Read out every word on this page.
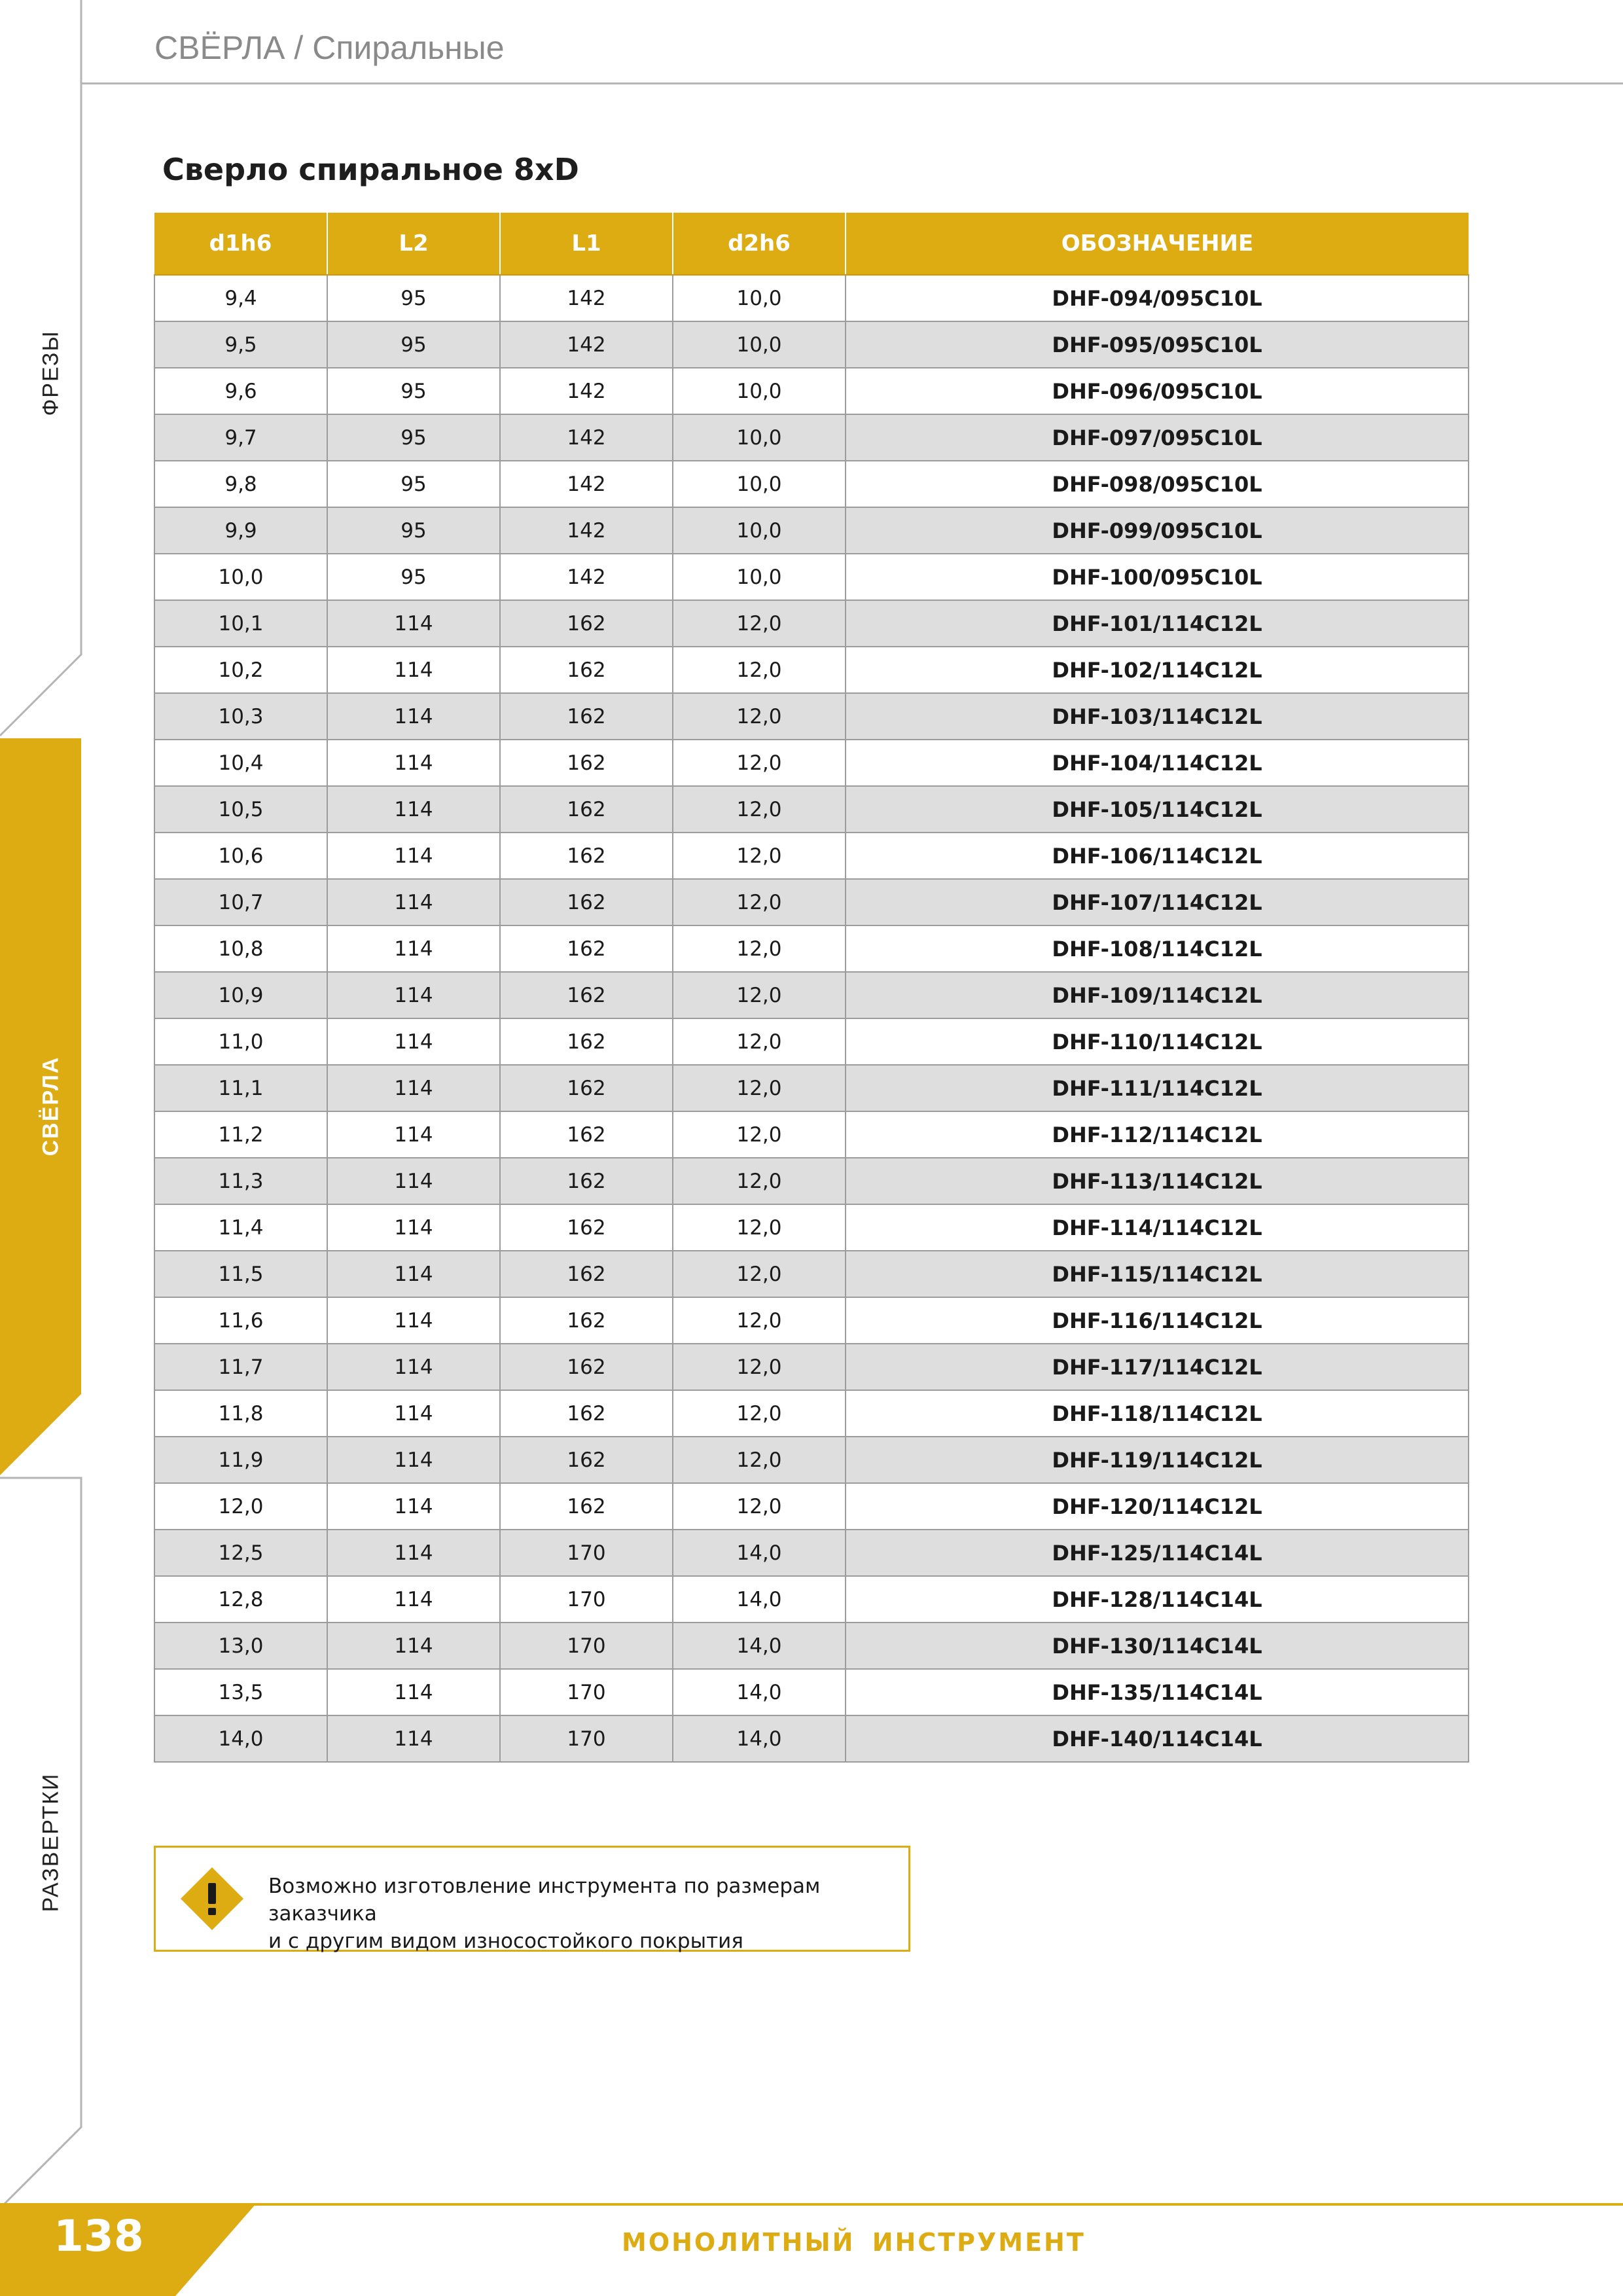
ФРЕЗЫ
СВЁРЛА
РАЗВЕРТКИ
СВЁРЛА / Спиральные
Сверло спиральное 8xD
d1h6	L2	L1	d2h6	ОБОЗНАЧЕНИЕ
9,4	95	142	10,0	DHF-094/095C10L
9,5	95	142	10,0	DHF-095/095C10L
9,6	95	142	10,0	DHF-096/095C10L
9,7	95	142	10,0	DHF-097/095C10L
9,8	95	142	10,0	DHF-098/095C10L
9,9	95	142	10,0	DHF-099/095C10L
10,0	95	142	10,0	DHF-100/095C10L
10,1	114	162	12,0	DHF-101/114C12L
10,2	114	162	12,0	DHF-102/114C12L
10,3	114	162	12,0	DHF-103/114C12L
10,4	114	162	12,0	DHF-104/114C12L
10,5	114	162	12,0	DHF-105/114C12L
10,6	114	162	12,0	DHF-106/114C12L
10,7	114	162	12,0	DHF-107/114C12L
10,8	114	162	12,0	DHF-108/114C12L
10,9	114	162	12,0	DHF-109/114C12L
11,0	114	162	12,0	DHF-110/114C12L
11,1	114	162	12,0	DHF-111/114C12L
11,2	114	162	12,0	DHF-112/114C12L
11,3	114	162	12,0	DHF-113/114C12L
11,4	114	162	12,0	DHF-114/114C12L
11,5	114	162	12,0	DHF-115/114C12L
11,6	114	162	12,0	DHF-116/114C12L
11,7	114	162	12,0	DHF-117/114C12L
11,8	114	162	12,0	DHF-118/114C12L
11,9	114	162	12,0	DHF-119/114C12L
12,0	114	162	12,0	DHF-120/114C12L
12,5	114	170	14,0	DHF-125/114C14L
12,8	114	170	14,0	DHF-128/114C14L
13,0	114	170	14,0	DHF-130/114C14L
13,5	114	170	14,0	DHF-135/114C14L
14,0	114	170	14,0	DHF-140/114C14L
Возможно изготовление инструмента по размерам заказчика
и с другим видом износостойкого покрытия
138	МОНОЛИТНЫЙ ИНСТРУМЕНТ
